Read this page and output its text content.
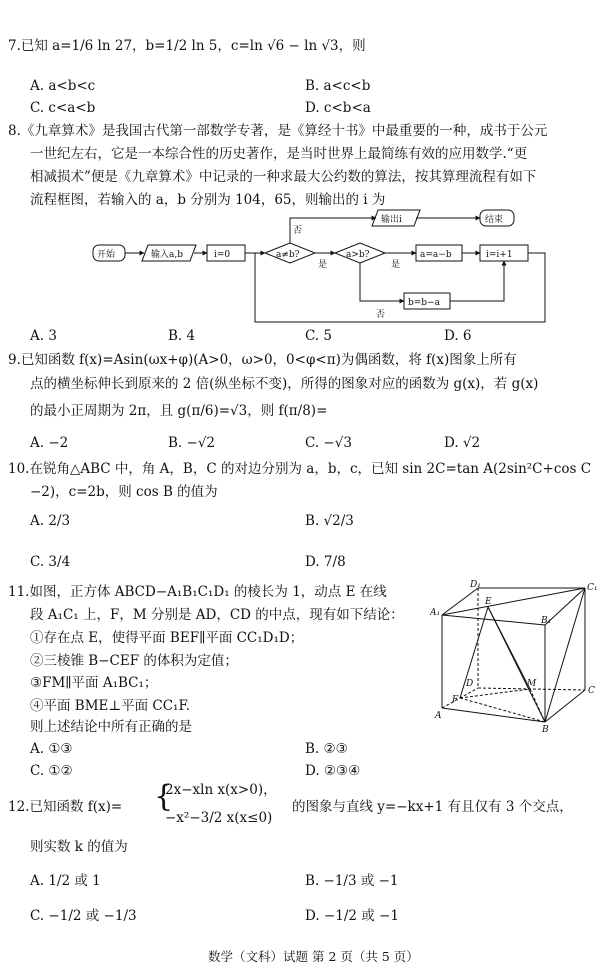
7.已知 a=1/6 ln 27，b=1/2 ln 5，c=ln √6 − ln √3，则
A. a<b<c	B. a<c<b
C. c<a<b	D. c<b<a
8.《九章算术》是我国古代第一部数学专著，是《算经十书》中最重要的一种，成书于公元
一世纪左右，它是一本综合性的历史著作，是当时世界上最简练有效的应用数学.“更
相减损术”便是《九章算术》中记录的一种求最大公约数的算法，按其算理流程有如下
流程框图，若输入的 a，b 分别为 104，65，则输出的 i 为
开始	输入a,b	i=0	a≠b?	a>b?	a=a−b
b=b−a
i=i+1
输出i	结束
否
是	是
否
A. 3	B. 4	C. 5	D. 6
9.已知函数 f(x)=Asin(ωx+φ)(A>0，ω>0，0<φ<π)为偶函数，将 f(x)图象上所有
点的横坐标伸长到原来的 2 倍(纵坐标不变)，所得的图象对应的函数为 g(x)，若 g(x)
的最小正周期为 2π，且 g(π/6)=√3，则 f(π/8)=
A. −2	B. −√2	C. −√3	D. √2
10.在锐角△ABC 中，角 A，B，C 的对边分别为 a，b，c，已知 sin 2C=tan A(2sin²C+cos C
−2)，c=2b，则 cos B 的值为
A. 2/3	B. √2/3
C. 3/4	D. 7/8
11.如图，正方体 ABCD−A₁B₁C₁D₁ 的棱长为 1，动点 E 在线
段 A₁C₁ 上，F，M 分别是 AD，CD 的中点，现有如下结论：
①存在点 E，使得平面 BEF∥平面 CC₁D₁D；
②三棱锥 B−CEF 的体积为定值；
③FM∥平面 A₁BC₁；
④平面 BME⊥平面 CC₁F.
则上述结论中所有正确的是
A. ①③	B. ②③
C. ①②	D. ②③④
D₁	C₁
A₁
E
B₁
D	M
C
F
A
B
12.已知函数 f(x)= {
2x−xln x(x>0)，
−x²−3/2 x(x≤0)
的图象与直线 y=−kx+1 有且仅有 3 个交点，
则实数 k 的值为
A. 1/2 或 1	B. −1/3 或 −1
C. −1/2 或 −1/3	D. −1/2 或 −1
数学（文科）试题 第 2 页（共 5 页）
